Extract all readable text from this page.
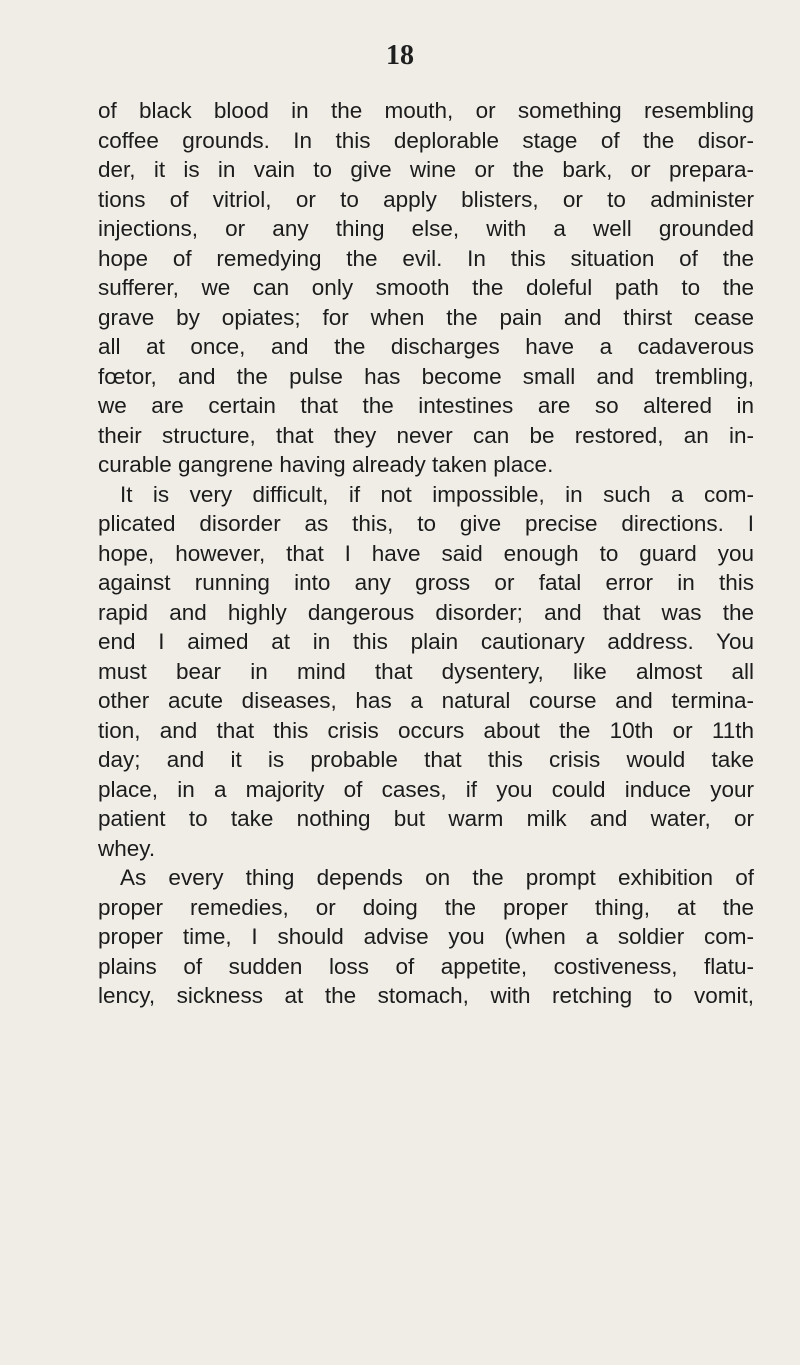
18
of black blood in the mouth, or something resembling
coffee grounds. In this deplorable stage of the disor-
der, it is in vain to give wine or the bark, or prepara-
tions of vitriol, or to apply blisters, or to administer
injections, or any thing else, with a well grounded
hope of remedying the evil. In this situation of the
sufferer, we can only smooth the doleful path to the
grave by opiates; for when the pain and thirst cease
all at once, and the discharges have a cadaverous
fœtor, and the pulse has become small and trembling,
we are certain that the intestines are so altered in
their structure, that they never can be restored, an in-
curable gangrene having already taken place.
It is very difficult, if not impossible, in such a com-
plicated disorder as this, to give precise directions. I
hope, however, that I have said enough to guard you
against running into any gross or fatal error in this
rapid and highly dangerous disorder; and that was the
end I aimed at in this plain cautionary address. You
must bear in mind that dysentery, like almost all
other acute diseases, has a natural course and termina-
tion, and that this crisis occurs about the 10th or 11th
day; and it is probable that this crisis would take
place, in a majority of cases, if you could induce your
patient to take nothing but warm milk and water, or
whey.
As every thing depends on the prompt exhibition of
proper remedies, or doing the proper thing, at the
proper time, I should advise you (when a soldier com-
plains of sudden loss of appetite, costiveness, flatu-
lency, sickness at the stomach, with retching to vomit,
